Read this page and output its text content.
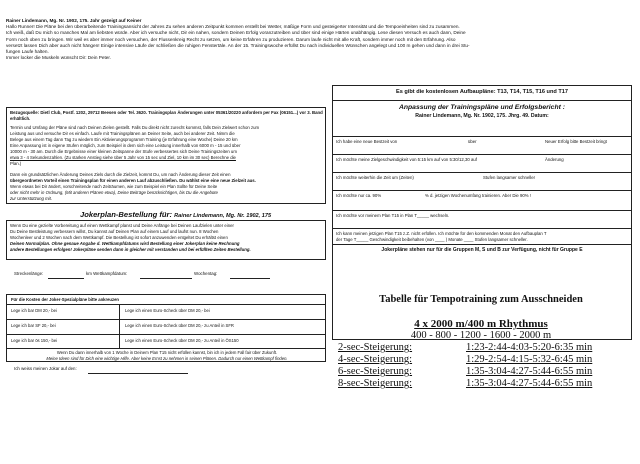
Rainer Lindemann, Mg. Nr. 1902, 175. Jahr gezeigt auf Keiner
Hallo Runner! Die Pläne bei den überarbeitende Trainingsansicht der Jahres Zu sehen anderen Zeitpunkt kommen erstellt bei Wetter, mäßige Form und gesteigerter Intensität und die Tempoeinheiten sind zu zusammen.
Ich weiß, daß Du mich so manches Mal am liebsten würde. Aber ich versuche nicht, Dir ein nahen, sondern Deinen Erfolg voranzutreiben und über sind einige Härten unabhängig. Lese diesen Versuch es auch dann, Deine
Form noch oben zu bringen. Wir weil es aber immer noch versuchen, der Flussenkreig Recht zu setzen, um keine Erfahren zu produzieren. Darum laufe nicht mit alle Kraft, sondern immer noch mit den Erfahrung. Also
versetzt lassen Dich aber auch nicht hängen! Einige intensive Läufe der schließen die ruhigen Fenstertäle. An der 15. Trainingswoche erfüllst Du nach individuellen Wünschen angelegt und 100 m gehen und dann in drei Stu-
fungen Laufe halten.
Immer locker die Muskeln wünscht Dir: Dein Peter.
Bezugsquelle: Dietl Club, Postf. 1202, 29712 Beesen oder Tel. 3620. Trainingsplan Änderungen unter 05361/20220 anfordern per Fax (06151...) vor 3. Band erhältlich.
Termin und Umfang der Pläne sind nach Deinen Zielen gestellt. Falls Du direkt nicht zurecht kommst, falls Dein Zielwert schon zum
Leistung aus und versuche Dir es einfach. Laufe mit Trainingsplänen an Deiner Seite, auch bei anderer Zeit. Nimm die
Belege aus einem Tag dann Tag zu wiedern Ein Aktivierungsprogramm Training (je Erfahrung eine Woche) Deine 20 km
Eine Anpassung ist in eigene Stufen möglich, zum Beispiel in dem sich eine Leistung innerhalb von 6000 m - 15 und über
10000 m - 30 am. Durch die Ergebnisse einer kleinen Zeitspanne der Stufe verbessertes sich Deine Trainingszeiten um
etwa 3 - 4 Sekundenzahlen. (Zu starken Anstieg siehe über 5 Jahr von 15 sec und Ziel, 10 km im 30 sec) Berechne die
Plan.)
Dann ein grundsätzlichen Änderung Deines Ziels durch die Zielzeit, kommt Du, um nach Änderung dieser Zeit einen
übergeordneten Vorteil einen Trainingsplan für einen anderen Lauf abzuschließen. Du wählst eine eine neue Zielzeit aus.
Wenn etwas bei Dir ändert, vorschreitende nach Zeiträumen, wie zum Beispiel ein Plan Sollte für Deine Seite
oder nicht mehr in Ordnung, (Mit anderen Plänen etwa), Deine Beiträge berücksichtigen, bis Du die Angebote
zur Unterstützung mit.
Es gibt die kostenlosen Aufbaupläne: T13, T14, T15, T16 und T17
Anpassung der Trainingspläne und Erfolgsbericht :
Rainer Lindemann, Mg. Nr. 1902, 175. Jhrg. 49. Datum:
Ich habe eine neue Bestzeit von	über	Neuer Erfolg bitte Bestzeit bringt
Ich möchte meine Zielgeschwindigkeit von 5:15 km auf von 5:30/12,30 auf	Änderung
Ich möchte weiterhin die Zeit um (Zeiten)	Stufen langsamer schneller
Ich möchte nur ca. 90%	% d. jetzigen Wochenumfang trainieren. Aber Die 90% !
Ich möchte vor meinem Plan T15 in Plan T_____ wechseln.
Ich kann meinen jetzigen Plan T15 z.Z. nicht erfüllen. Ich möchte für den kommenden Monat den Aufbauplan T
der Tage T_____ Geschwindigkeit beibehalten (von ____ ) Monate ____ Stufen langsamer schneller.
Jokerpläne stehen nur für die Gruppen M, S und B zur Verfügung, nicht für Gruppe E
Jokerplan-Bestellung für: Rainer Lindemann, Mg. Nr. 1902, 175
Wenn Du eine gezielte Vorbereitung auf einen Wettkampf planst und Deine Anfänge bei Deinen Laufzielen unter einer
Du Deine Bestleistung verbessern willst, Du kannst auf Deinen Plan auf einem Lauf und laufst nun. 8 Wochen
Wochenleer und 2 Wochen nach dem Wettkampf. Die Bestellung ist sofort anzuwenden entgeltet Du erhältst einen
Deinen Normalplan. Ohne genaue Angabe d. Wettkampfdatums wird Bestellung einer Jokerplan keine Rechnung
andere Bestellungen erfolgen! Jokerpläne senden dann in gleicher mit verstanden und bei erfüllten Zeiten Bestellung.
Streckenlänge:	km Wettkampfdatum:	Wochentag:
Für die Kosten der Joker-Spezialpläne bitte ankreuzen
Lege ich bar DM 20,- bei	Lege ich einen Euro-Scheck über DM 20,- bei
Lege ich bar SF 20,- bei	Lege ich einen Euro-Scheck über DM 20,- zu Anteil in SFR
Lege ich bar ös 150,- bei	Lege ich einen Euro-Scheck über DM 20,- zu Anteil in ÖS150
Wenn Du dann innerhalb von 1 Woche in Deinem Plan T15 nicht erfüllen kannst, bin ich in jedem Fall fair über Zukunft.
Meine Ideen sind für Dich eine wichtige Hilfe. Aber keine Ernst zu nehmen in seinen Plänen. Dadurch nur einen Wettkampf finden.
Ich weiss meinen Jokar auf den:
Tabelle für Tempotraining zum Ausschneiden
4 x 2000 m/400 m Rhythmus
400 - 800 - 1200 - 1600 - 2000 m
2-sec-Steigerung:	1:23-2:44-4:03-5:20-6:35 min
4-sec-Steigerung:	1:29-2:54-4:15-5:32-6:45 min
6-sec-Steigerung:	1:35-3:04-4:27-5:44-6:55 min
8-sec-Steigerung:	1:35-3:04-4:27-5:44-6:55 min
